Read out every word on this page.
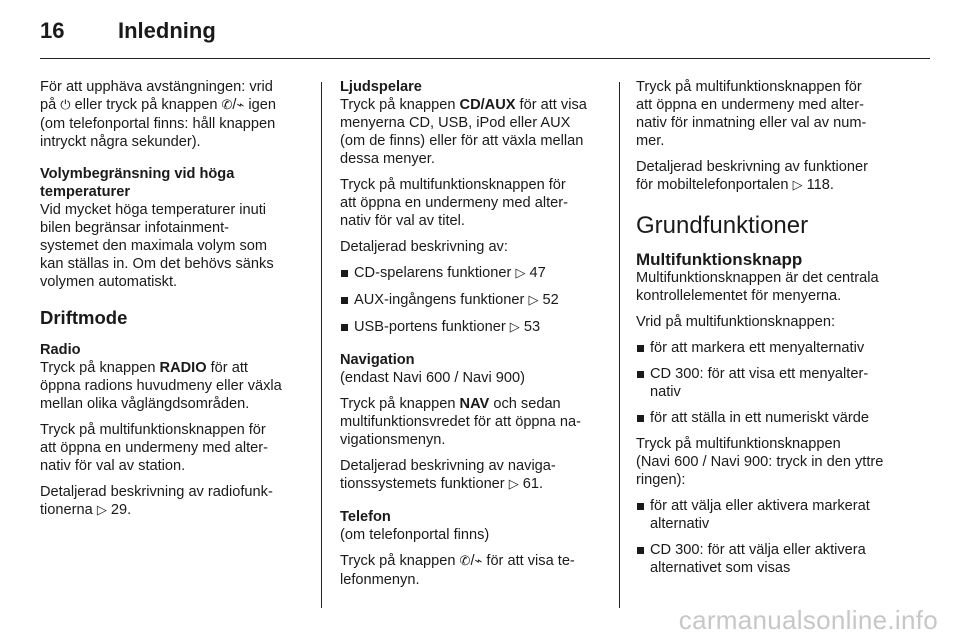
16 Inledning
För att upphäva avstängningen: vrid
på ⏻ eller tryck på knappen ✆/⌁ igen
(om telefonportal finns: håll knappen
intryckt några sekunder).
Volymbegränsning vid höga
temperaturer
Vid mycket höga temperaturer inuti
bilen begränsar infotainment-
systemet den maximala volym som
kan ställas in. Om det behövs sänks
volymen automatiskt.
Driftmode
Radio
Tryck på knappen RADIO för att
öppna radions huvudmeny eller växla
mellan olika våglängdsområden.
Tryck på multifunktionsknappen för
att öppna en undermeny med alter-
nativ för val av station.
Detaljerad beskrivning av radiofunk-
tionerna ▷ 29.
Ljudspelare
Tryck på knappen CD/AUX för att visa
menyerna CD, USB, iPod eller AUX
(om de finns) eller för att växla mellan
dessa menyer.
Tryck på multifunktionsknappen för
att öppna en undermeny med alter-
nativ för val av titel.
Detaljerad beskrivning av:
CD-spelarens funktioner ▷ 47
AUX-ingångens funktioner ▷ 52
USB-portens funktioner ▷ 53
Navigation
(endast Navi 600 / Navi 900)
Tryck på knappen NAV och sedan
multifunktionsvredet för att öppna na-
vigationsmenyn.
Detaljerad beskrivning av naviga-
tionssystemets funktioner ▷ 61.
Telefon
(om telefonportal finns)
Tryck på knappen ✆/⌁ för att visa te-
lefonmenyn.
Tryck på multifunktionsknappen för
att öppna en undermeny med alter-
nativ för inmatning eller val av num-
mer.
Detaljerad beskrivning av funktioner
för mobiltelefonportalen ▷ 118.
Grundfunktioner
Multifunktionsknapp
Multifunktionsknappen är det centrala
kontrollelementet för menyerna.
Vrid på multifunktionsknappen:
för att markera ett menyalternativ
CD 300: för att visa ett menyalter-
nativ
för att ställa in ett numeriskt värde
Tryck på multifunktionsknappen
(Navi 600 / Navi 900: tryck in den yttre
ringen):
för att välja eller aktivera markerat
alternativ
CD 300: för att välja eller aktivera
alternativet som visas
carmanualsonline.info
